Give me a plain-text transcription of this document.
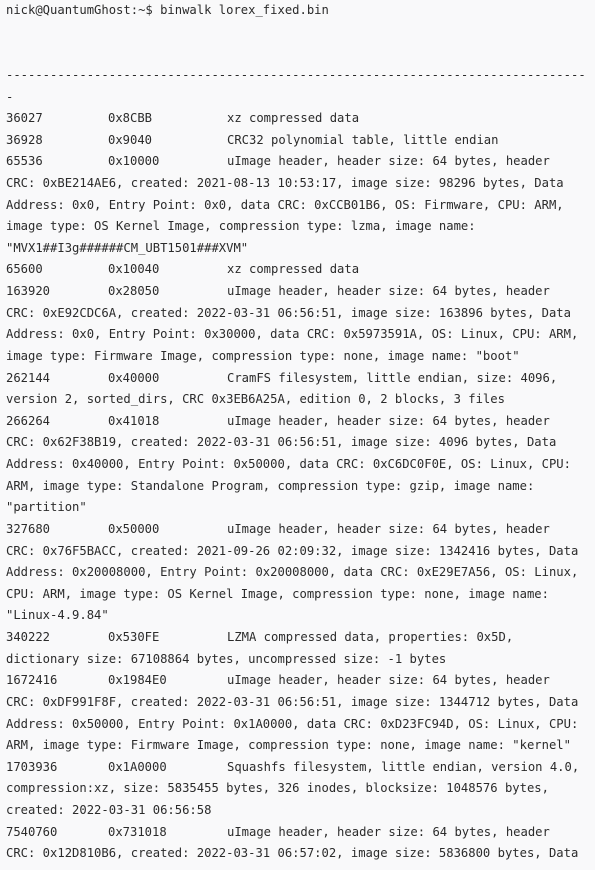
nick@QuantumGhost:~$ binwalk lorex_fixed.bin

--------------------------------------------------------------------------------
36027	0x8CBB	xz compressed data
36928	0x9040	CRC32 polynomial table, little endian
65536	0x10000	uImage header, header size: 64 bytes, header
CRC: 0xBE214AE6, created: 2021-08-13 10:53:17, image size: 98296 bytes, Data
Address: 0x0, Entry Point: 0x0, data CRC: 0xCCB01B6, OS: Firmware, CPU: ARM,
image type: OS Kernel Image, compression type: lzma, image name:
"MVX1##I3g######CM_UBT1501###XVM"
65600	0x10040	xz compressed data
163920	0x28050	uImage header, header size: 64 bytes, header
CRC: 0xE92CDC6A, created: 2022-03-31 06:56:51, image size: 163896 bytes, Data
Address: 0x0, Entry Point: 0x30000, data CRC: 0x5973591A, OS: Linux, CPU: ARM,
image type: Firmware Image, compression type: none, image name: "boot"
262144	0x40000	CramFS filesystem, little endian, size: 4096,
version 2, sorted_dirs, CRC 0x3EB6A25A, edition 0, 2 blocks, 3 files
266264	0x41018	uImage header, header size: 64 bytes, header
CRC: 0x62F38B19, created: 2022-03-31 06:56:51, image size: 4096 bytes, Data
Address: 0x40000, Entry Point: 0x50000, data CRC: 0xC6DC0F0E, OS: Linux, CPU:
ARM, image type: Standalone Program, compression type: gzip, image name:
"partition"
327680	0x50000	uImage header, header size: 64 bytes, header
CRC: 0x76F5BACC, created: 2021-09-26 02:09:32, image size: 1342416 bytes, Data
Address: 0x20008000, Entry Point: 0x20008000, data CRC: 0xE29E7A56, OS: Linux,
CPU: ARM, image type: OS Kernel Image, compression type: none, image name:
"Linux-4.9.84"
340222	0x530FE	LZMA compressed data, properties: 0x5D,
dictionary size: 67108864 bytes, uncompressed size: -1 bytes
1672416	0x1984E0	uImage header, header size: 64 bytes, header
CRC: 0xDF991F8F, created: 2022-03-31 06:56:51, image size: 1344712 bytes, Data
Address: 0x50000, Entry Point: 0x1A0000, data CRC: 0xD23FC94D, OS: Linux, CPU:
ARM, image type: Firmware Image, compression type: none, image name: "kernel"
1703936	0x1A0000	Squashfs filesystem, little endian, version 4.0,
compression:xz, size: 5835455 bytes, 326 inodes, blocksize: 1048576 bytes,
created: 2022-03-31 06:56:58
7540760	0x731018	uImage header, header size: 64 bytes, header
CRC: 0x12D810B6, created: 2022-03-31 06:57:02, image size: 5836800 bytes, Data
